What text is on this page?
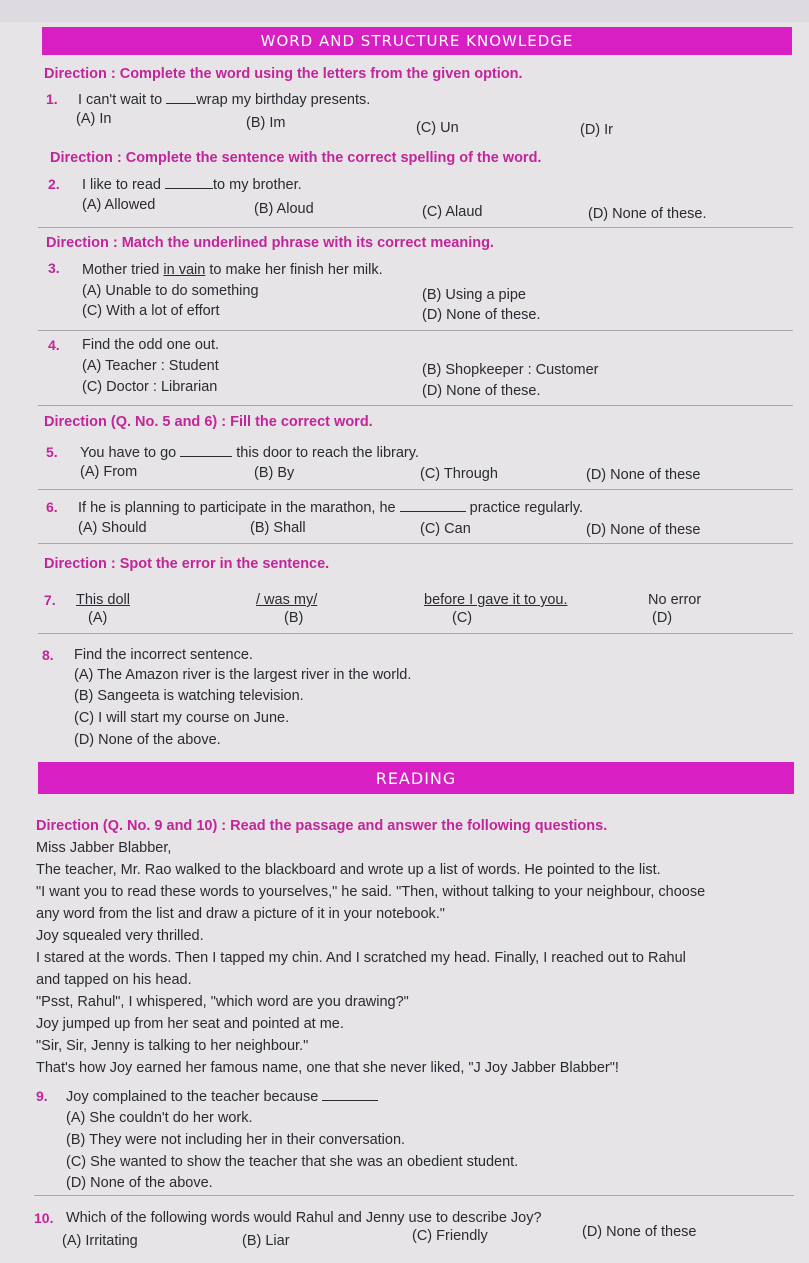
WORD AND STRUCTURE KNOWLEDGE
Direction : Complete the word using the letters from the given option.
1. I can't wait to wrap my birthday presents.
(A) In	(B) Im	(C) Un	(D) Ir
Direction : Complete the sentence with the correct spelling of the word.
2. I like to read	to my brother.
(A) Allowed	(B) Aloud	(C) Alaud	(D) None of these.
Direction : Match the underlined phrase with its correct meaning.
3. Mother tried in vain to make her finish her milk.
(A) Unable to do something	(B) Using a pipe
(C) With a lot of effort	(D) None of these.
4. Find the odd one out.
(A) Teacher : Student	(B) Shopkeeper : Customer
(C) Doctor : Librarian	(D) None of these.
Direction (Q. No. 5 and 6) : Fill the correct word.
5. You have to go	this door to reach the library.
(A) From	(B) By	(C) Through	(D) None of these
6. If he is planning to participate in the marathon, he	practice regularly.
(A) Should	(B) Shall	(C) Can	(D) None of these
Direction : Spot the error in the sentence.
7. This doll	/ was my/	before I gave it to you.	No error
(A)	(B)	(C)	(D)
8. Find the incorrect sentence.
(A) The Amazon river is the largest river in the world.
(B) Sangeeta is watching television.
(C) I will start my course on June.
(D) None of the above.
READING
Direction (Q. No. 9 and 10) : Read the passage and answer the following questions.
Miss Jabber Blabber,
The teacher, Mr. Rao walked to the blackboard and wrote up a list of words. He pointed to the list.
"I want you to read these words to yourselves," he said. "Then, without talking to your neighbour, choose
any word from the list and draw a picture of it in your notebook."
Joy squealed very thrilled.
I stared at the words. Then I tapped my chin. And I scratched my head. Finally, I reached out to Rahul
and tapped on his head.
"Psst, Rahul", I whispered, "which word are you drawing?"
Joy jumped up from her seat and pointed at me.
"Sir, Sir, Jenny is talking to her neighbour."
That's how Joy earned her famous name, one that she never liked, "J Joy Jabber Blabber"!
9. Joy complained to the teacher because
(A) She couldn't do her work.
(B) They were not including her in their conversation.
(C) She wanted to show the teacher that she was an obedient student.
(D) None of the above.
10. Which of the following words would Rahul and Jenny use to describe Joy?
(A) Irritating	(B) Liar	(C) Friendly	(D) None of these
